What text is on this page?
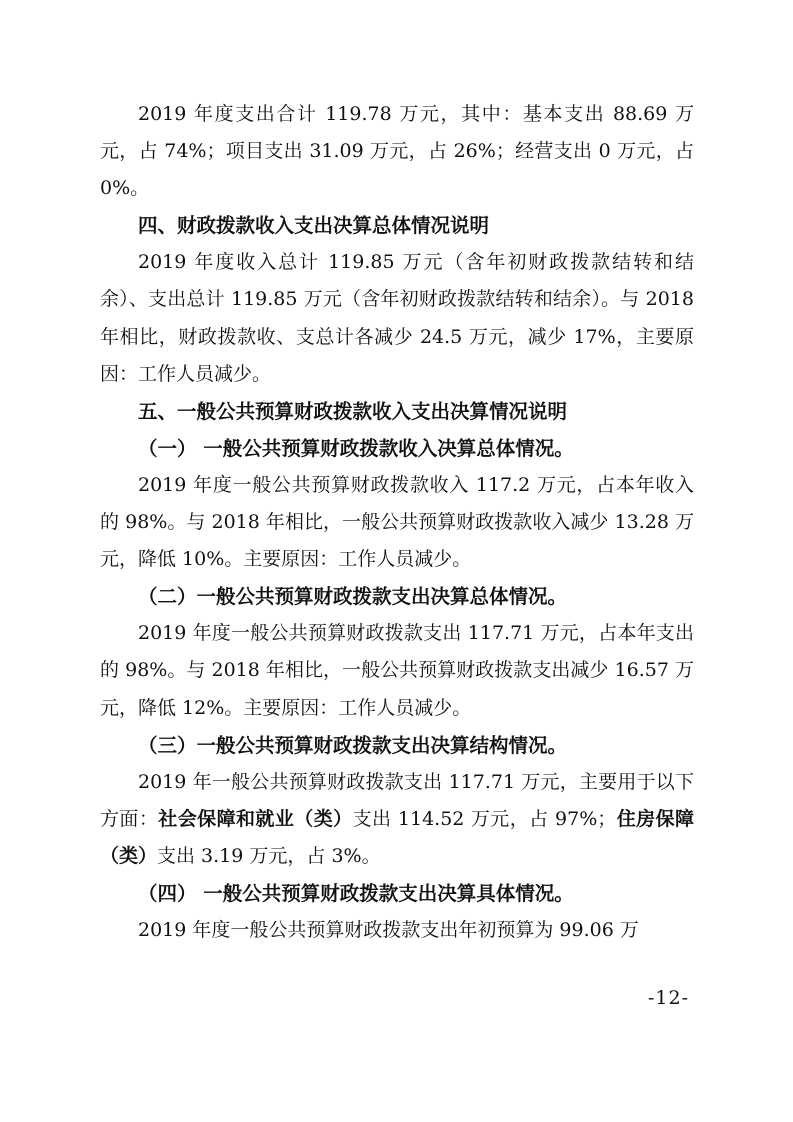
2019 年度支出合计 119.78 万元，其中：基本支出 88.69 万元，占 74%；项目支出 31.09 万元，占 26%；经营支出 0 万元，占 0%。

四、财政拨款收入支出决算总体情况说明

2019 年度收入总计 119.85 万元（含年初财政拨款结转和结余）、支出总计 119.85 万元（含年初财政拨款结转和结余）。与 2018 年相比，财政拨款收、支总计各减少 24.5 万元，减少 17%，主要原因：工作人员减少。

五、一般公共预算财政拨款收入支出决算情况说明

（一） 一般公共预算财政拨款收入决算总体情况。

2019 年度一般公共预算财政拨款收入 117.2 万元，占本年收入的 98%。与 2018 年相比，一般公共预算财政拨款收入减少 13.28 万元，降低 10%。主要原因：工作人员减少。

（二）一般公共预算财政拨款支出决算总体情况。

2019 年度一般公共预算财政拨款支出 117.71 万元，占本年支出的 98%。与 2018 年相比，一般公共预算财政拨款支出减少 16.57 万元，降低 12%。主要原因：工作人员减少。

（三）一般公共预算财政拨款支出决算结构情况。

2019 年一般公共预算财政拨款支出 117.71 万元，主要用于以下方面：社会保障和就业（类）支出 114.52 万元，占 97%；住房保障（类）支出 3.19 万元，占 3%。

（四） 一般公共预算财政拨款支出决算具体情况。

2019 年度一般公共预算财政拨款支出年初预算为 99.06 万

-12-
